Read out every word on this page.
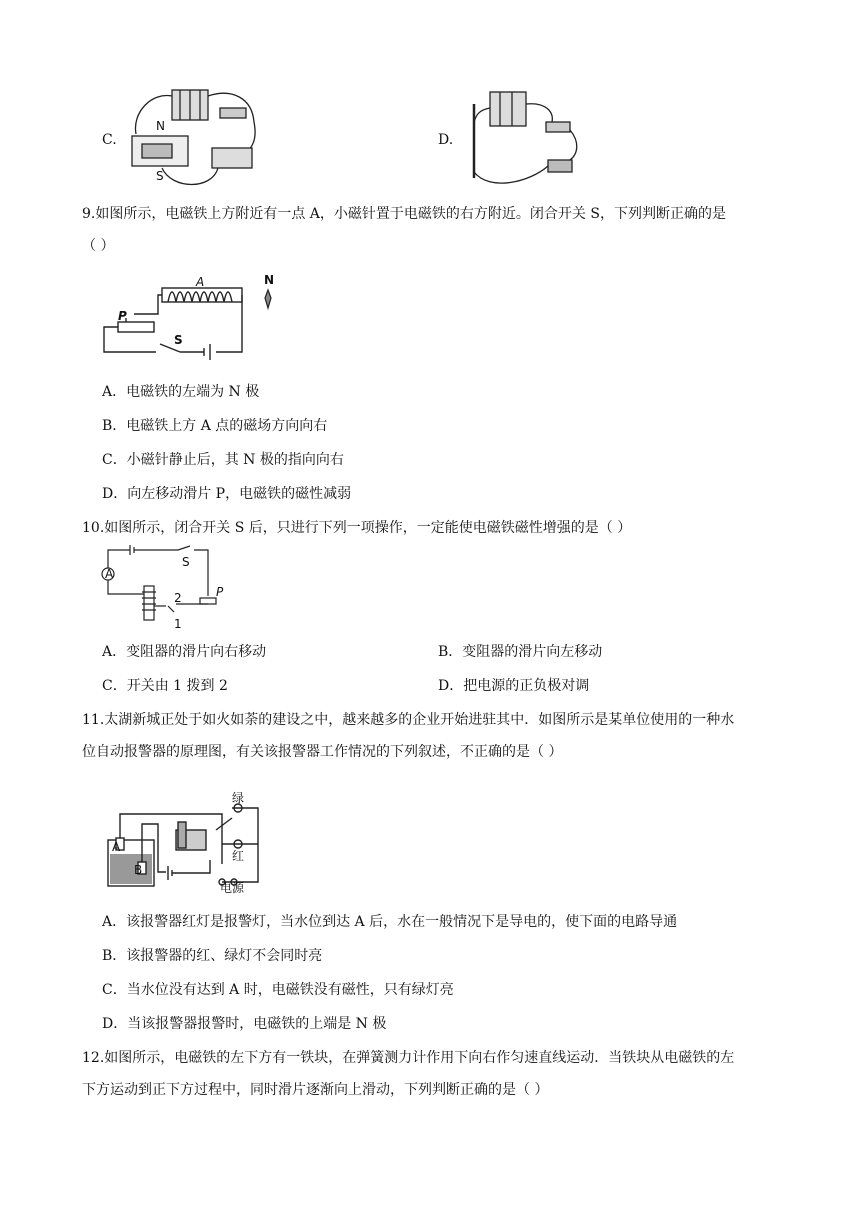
C.	D.
N
S
9.如图所示，电磁铁上方附近有一点 A，小磁针置于电磁铁的右方附近。闭合开关 S，下列判断正确的是
（ ）
A	N
P
S
A．电磁铁的左端为 N 极
B．电磁铁上方 A 点的磁场方向向右
C．小磁针静止后，其 N 极的指向向右
D．向左移动滑片 P，电磁铁的磁性减弱
10.如图所示，闭合开关 S 后，只进行下列一项操作，一定能使电磁铁磁性增强的是（ ）
A
S
P
2
1
A．变阻器的滑片向右移动	B．变阻器的滑片向左移动
C．开关由 1 拨到 2	D．把电源的正负极对调
11.太湖新城正处于如火如荼的建设之中，越来越多的企业开始进驻其中．如图所示是某单位使用的一种水
位自动报警器的原理图，有关该报警器工作情况的下列叙述，不正确的是（ ）
A
B
绿
红
电源
A．该报警器红灯是报警灯，当水位到达 A 后，水在一般情况下是导电的，使下面的电路导通
B．该报警器的红、绿灯不会同时亮
C．当水位没有达到 A 时，电磁铁没有磁性，只有绿灯亮
D．当该报警器报警时，电磁铁的上端是 N 极
12.如图所示，电磁铁的左下方有一铁块，在弹簧测力计作用下向右作匀速直线运动．当铁块从电磁铁的左
下方运动到正下方过程中，同时滑片逐渐向上滑动，下列判断正确的是（ ）
